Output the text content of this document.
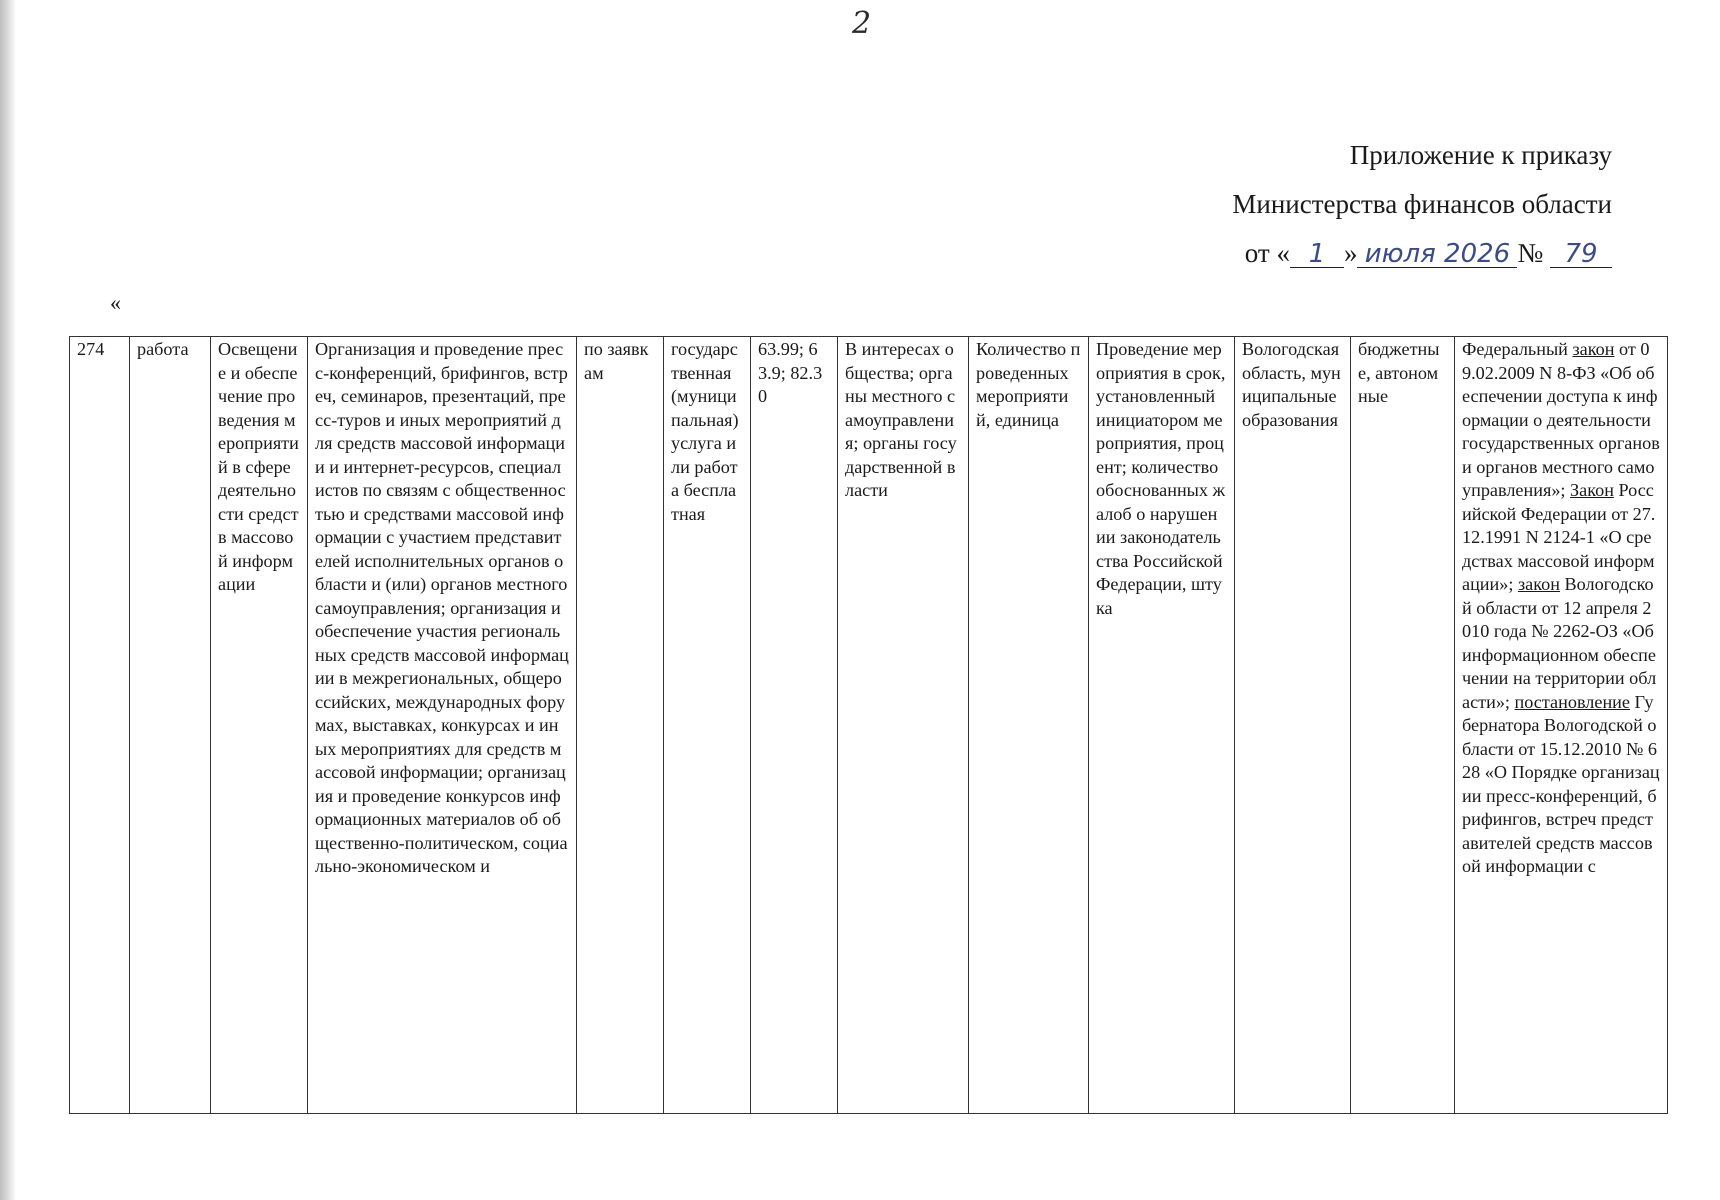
2
Приложение к приказу
Министерства финансов области
от « 1 » июля 2026 № 79
«
274	работа	Освещение и обеспечение проведения мероприятий в сфере деятельности средств массовой информации	Организация и проведение пресс-конференций, брифингов, встреч, семинаров, презентаций, пресс-туров и иных мероприятий для средств массовой информации и интернет-ресурсов, специалистов по связям с общественностью и средствами массовой информации с участием представителей исполнительных органов области и (или) органов местного самоуправления; организация и обеспечение участия региональных средств массовой информации в межрегиональных, общероссийских, международных форумах, выставках, конкурсах и иных мероприятиях для средств массовой информации; организация и проведение конкурсов информационных материалов об общественно-политическом, социально-экономическом и	по заявкам	государственная (муниципальная) услуга или работа бесплатная	63.99; 63.9; 82.30	В интересах общества; органы местного самоуправления; органы государственной власти	Количество проведенных мероприятий, единица	Проведение мероприятия в срок, установленный инициатором мероприятия, процент; количество обоснованных жалоб о нарушении законодательства Российской Федерации, штука	Вологодская область, муниципальные образования	бюджетные, автономные	Федеральный закон от 09.02.2009 N 8-ФЗ «Об обеспечении доступа к информации о деятельности государственных органов и органов местного самоуправления»; Закон Российской Федерации от 27.12.1991 N 2124-1 «О средствах массовой информации»; закон Вологодской области от 12 апреля 2010 года № 2262-ОЗ «Об информационном обеспечении на территории области»; постановление Губернатора Вологодской области от 15.12.2010 № 628 «О Порядке организации пресс-конференций, брифингов, встреч представителей средств массовой информации с
